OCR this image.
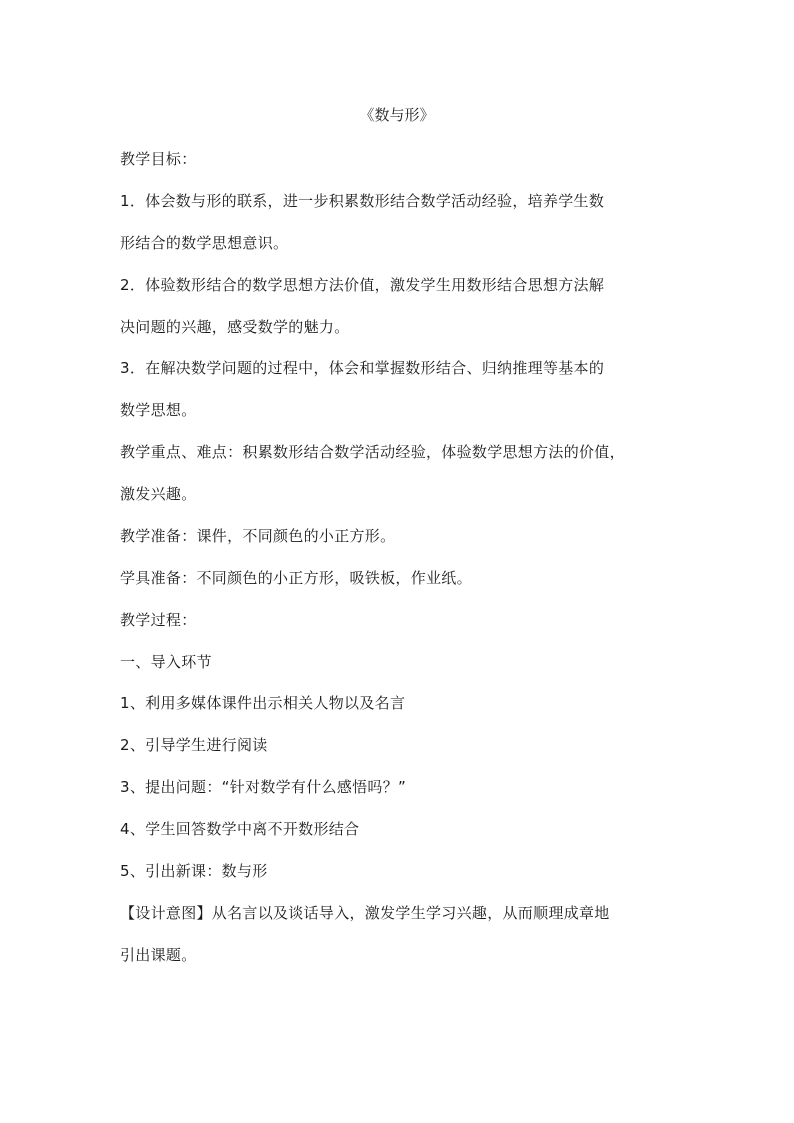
《数与形》
教学目标：
1．体会数与形的联系，进一步积累数形结合数学活动经验，培养学生数
形结合的数学思想意识。
2．体验数形结合的数学思想方法价值，激发学生用数形结合思想方法解
决问题的兴趣，感受数学的魅力。
3．在解决数学问题的过程中，体会和掌握数形结合、归纳推理等基本的
数学思想。
教学重点、难点：积累数形结合数学活动经验，体验数学思想方法的价值，
激发兴趣。
教学准备：课件，不同颜色的小正方形。
学具准备：不同颜色的小正方形，吸铁板，作业纸。
教学过程：
一、导入环节
1、利用多媒体课件出示相关人物以及名言
2、引导学生进行阅读
3、提出问题：“针对数学有什么感悟吗？”
4、学生回答数学中离不开数形结合
5、引出新课：数与形
【设计意图】从名言以及谈话导入，激发学生学习兴趣，从而顺理成章地
引出课题。
